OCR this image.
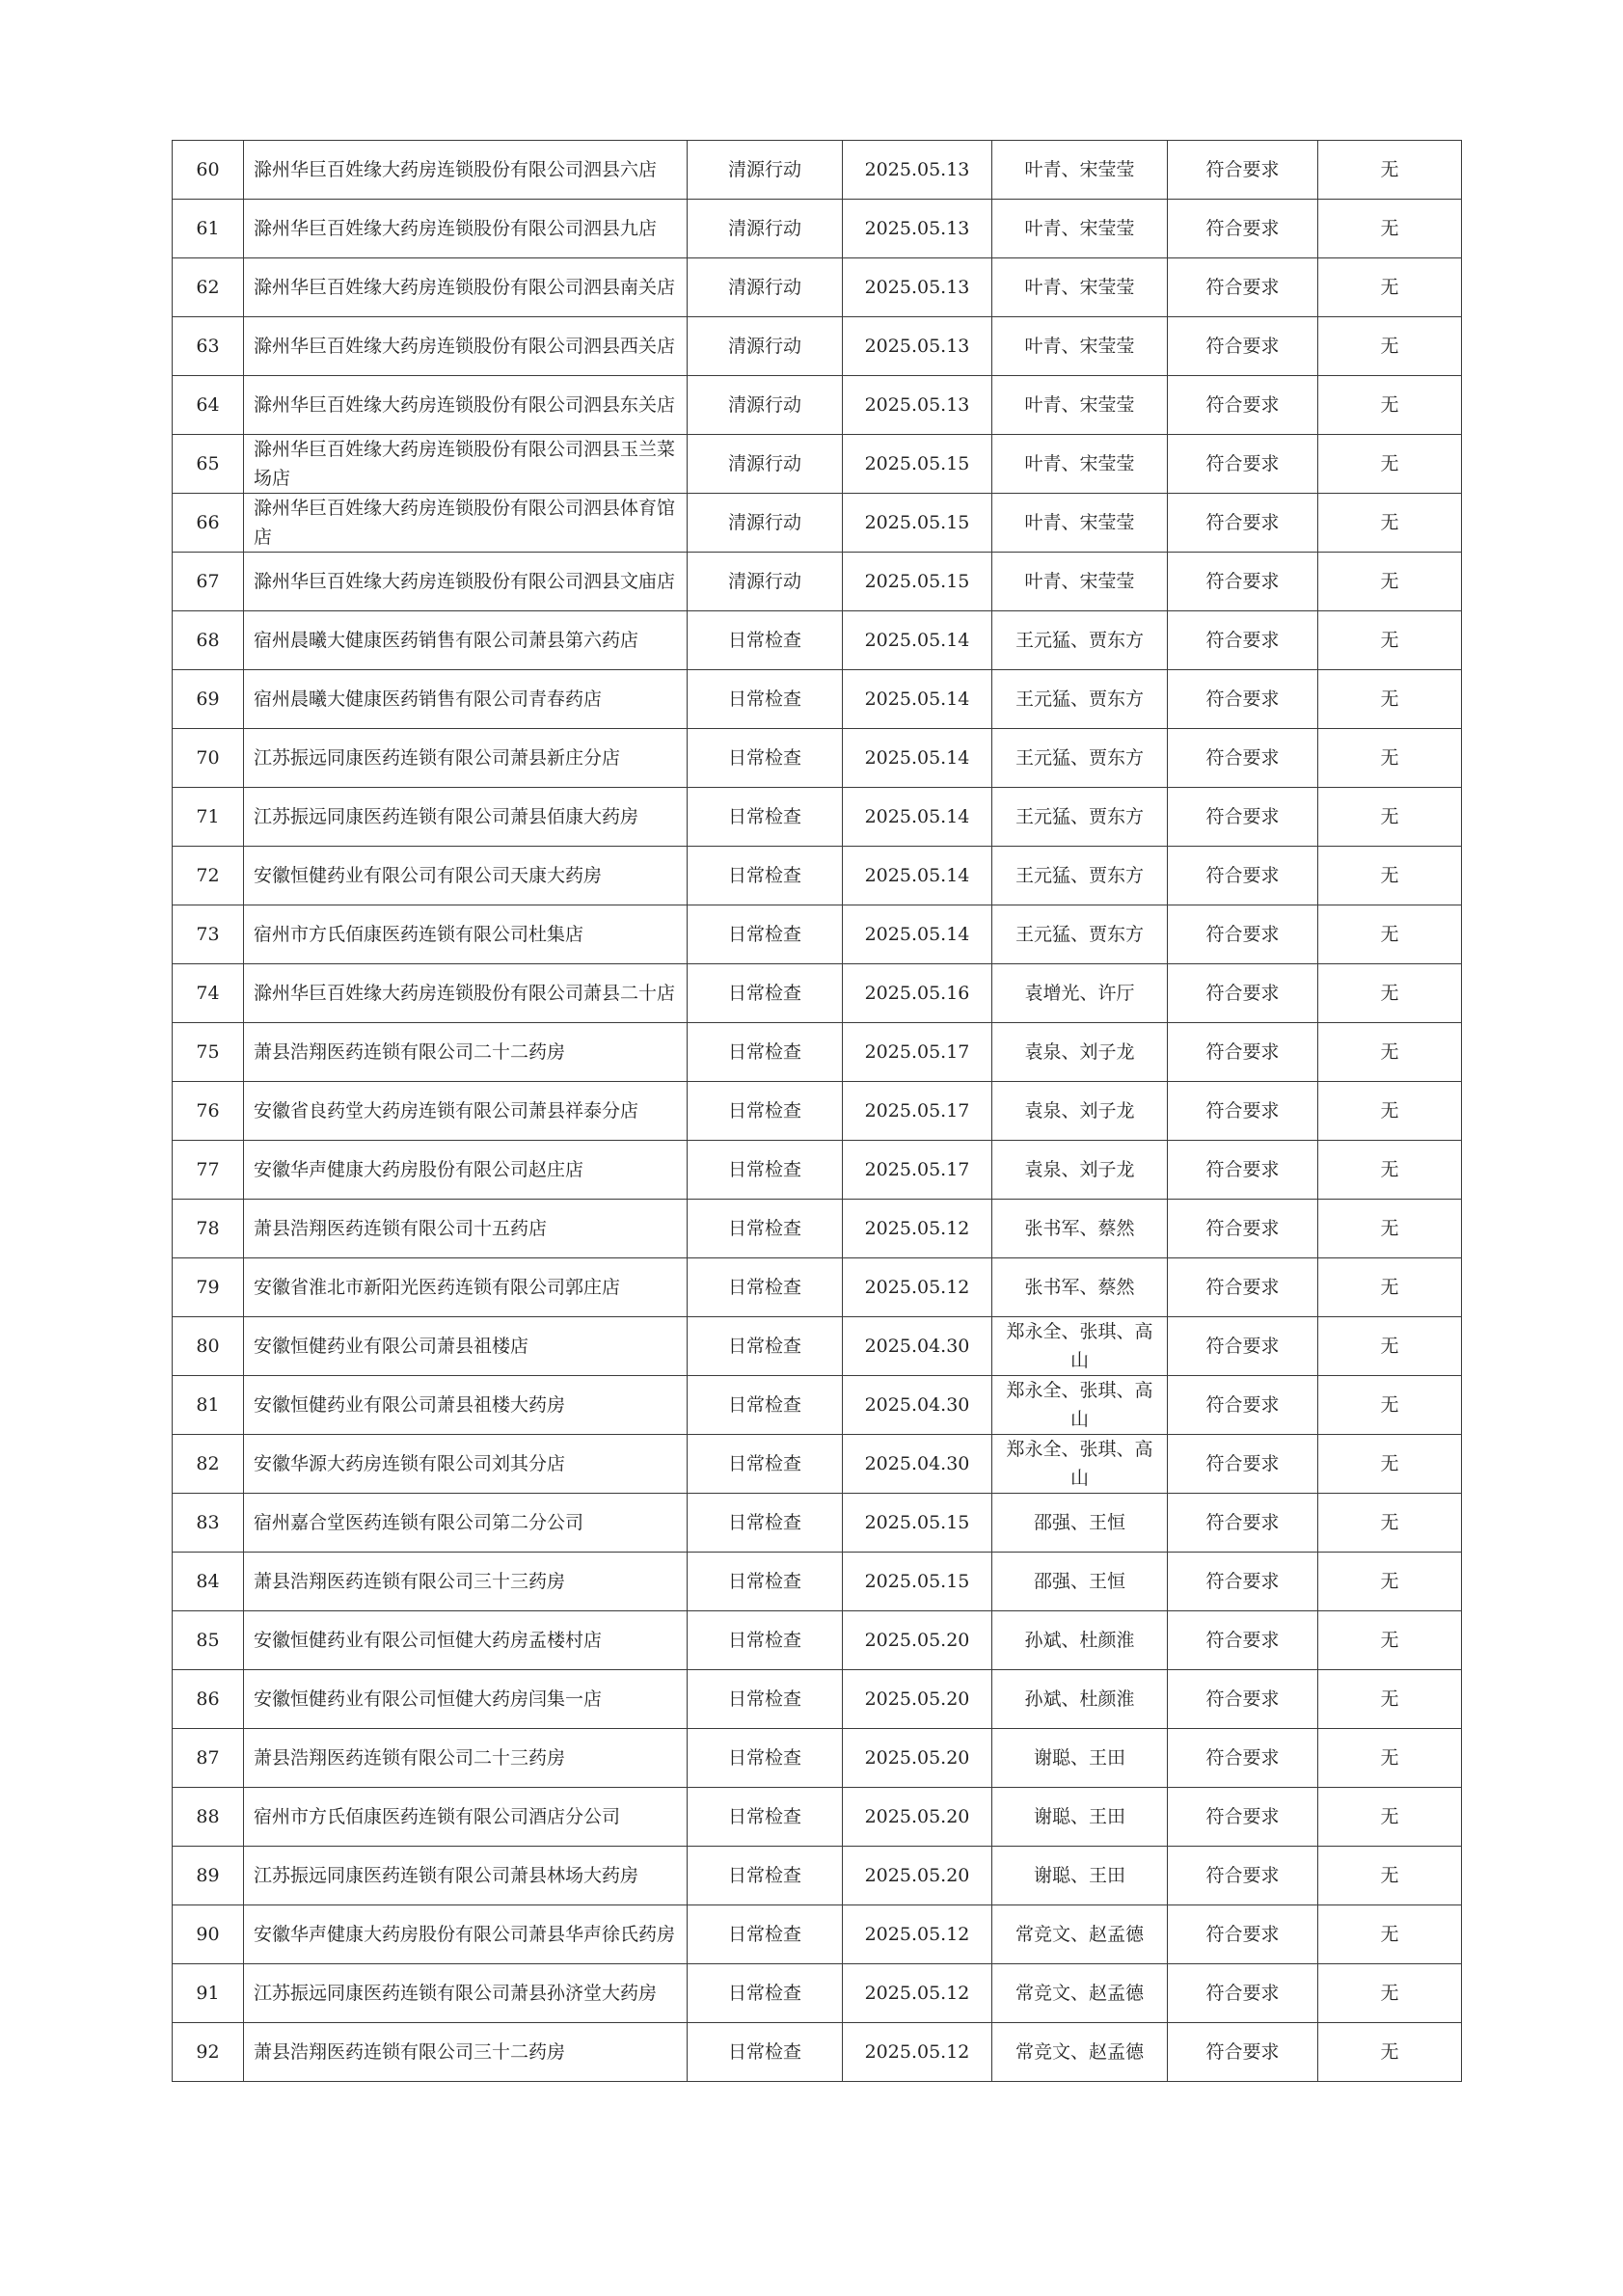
60	滁州华巨百姓缘大药房连锁股份有限公司泗县六店	清源行动	2025.05.13	叶青、宋莹莹	符合要求	无
61	滁州华巨百姓缘大药房连锁股份有限公司泗县九店	清源行动	2025.05.13	叶青、宋莹莹	符合要求	无
62	滁州华巨百姓缘大药房连锁股份有限公司泗县南关店	清源行动	2025.05.13	叶青、宋莹莹	符合要求	无
63	滁州华巨百姓缘大药房连锁股份有限公司泗县西关店	清源行动	2025.05.13	叶青、宋莹莹	符合要求	无
64	滁州华巨百姓缘大药房连锁股份有限公司泗县东关店	清源行动	2025.05.13	叶青、宋莹莹	符合要求	无
65	滁州华巨百姓缘大药房连锁股份有限公司泗县玉兰菜场店	清源行动	2025.05.15	叶青、宋莹莹	符合要求	无
66	滁州华巨百姓缘大药房连锁股份有限公司泗县体育馆店	清源行动	2025.05.15	叶青、宋莹莹	符合要求	无
67	滁州华巨百姓缘大药房连锁股份有限公司泗县文庙店	清源行动	2025.05.15	叶青、宋莹莹	符合要求	无
68	宿州晨曦大健康医药销售有限公司萧县第六药店	日常检查	2025.05.14	王元猛、贾东方	符合要求	无
69	宿州晨曦大健康医药销售有限公司青春药店	日常检查	2025.05.14	王元猛、贾东方	符合要求	无
70	江苏振远同康医药连锁有限公司萧县新庄分店	日常检查	2025.05.14	王元猛、贾东方	符合要求	无
71	江苏振远同康医药连锁有限公司萧县佰康大药房	日常检查	2025.05.14	王元猛、贾东方	符合要求	无
72	安徽恒健药业有限公司有限公司天康大药房	日常检查	2025.05.14	王元猛、贾东方	符合要求	无
73	宿州市方氏佰康医药连锁有限公司杜集店	日常检查	2025.05.14	王元猛、贾东方	符合要求	无
74	滁州华巨百姓缘大药房连锁股份有限公司萧县二十店	日常检查	2025.05.16	袁增光、许厅	符合要求	无
75	萧县浩翔医药连锁有限公司二十二药房	日常检查	2025.05.17	袁泉、刘子龙	符合要求	无
76	安徽省良药堂大药房连锁有限公司萧县祥泰分店	日常检查	2025.05.17	袁泉、刘子龙	符合要求	无
77	安徽华声健康大药房股份有限公司赵庄店	日常检查	2025.05.17	袁泉、刘子龙	符合要求	无
78	萧县浩翔医药连锁有限公司十五药店	日常检查	2025.05.12	张书军、蔡然	符合要求	无
79	安徽省淮北市新阳光医药连锁有限公司郭庄店	日常检查	2025.05.12	张书军、蔡然	符合要求	无
80	安徽恒健药业有限公司萧县祖楼店	日常检查	2025.04.30	郑永全、张琪、高山	符合要求	无
81	安徽恒健药业有限公司萧县祖楼大药房	日常检查	2025.04.30	郑永全、张琪、高山	符合要求	无
82	安徽华源大药房连锁有限公司刘其分店	日常检查	2025.04.30	郑永全、张琪、高山	符合要求	无
83	宿州嘉合堂医药连锁有限公司第二分公司	日常检查	2025.05.15	邵强、王恒	符合要求	无
84	萧县浩翔医药连锁有限公司三十三药房	日常检查	2025.05.15	邵强、王恒	符合要求	无
85	安徽恒健药业有限公司恒健大药房孟楼村店	日常检查	2025.05.20	孙斌、杜颜淮	符合要求	无
86	安徽恒健药业有限公司恒健大药房闫集一店	日常检查	2025.05.20	孙斌、杜颜淮	符合要求	无
87	萧县浩翔医药连锁有限公司二十三药房	日常检查	2025.05.20	谢聪、王田	符合要求	无
88	宿州市方氏佰康医药连锁有限公司酒店分公司	日常检查	2025.05.20	谢聪、王田	符合要求	无
89	江苏振远同康医药连锁有限公司萧县林场大药房	日常检查	2025.05.20	谢聪、王田	符合要求	无
90	安徽华声健康大药房股份有限公司萧县华声徐氏药房	日常检查	2025.05.12	常竞文、赵孟德	符合要求	无
91	江苏振远同康医药连锁有限公司萧县孙济堂大药房	日常检查	2025.05.12	常竞文、赵孟德	符合要求	无
92	萧县浩翔医药连锁有限公司三十二药房	日常检查	2025.05.12	常竞文、赵孟德	符合要求	无
